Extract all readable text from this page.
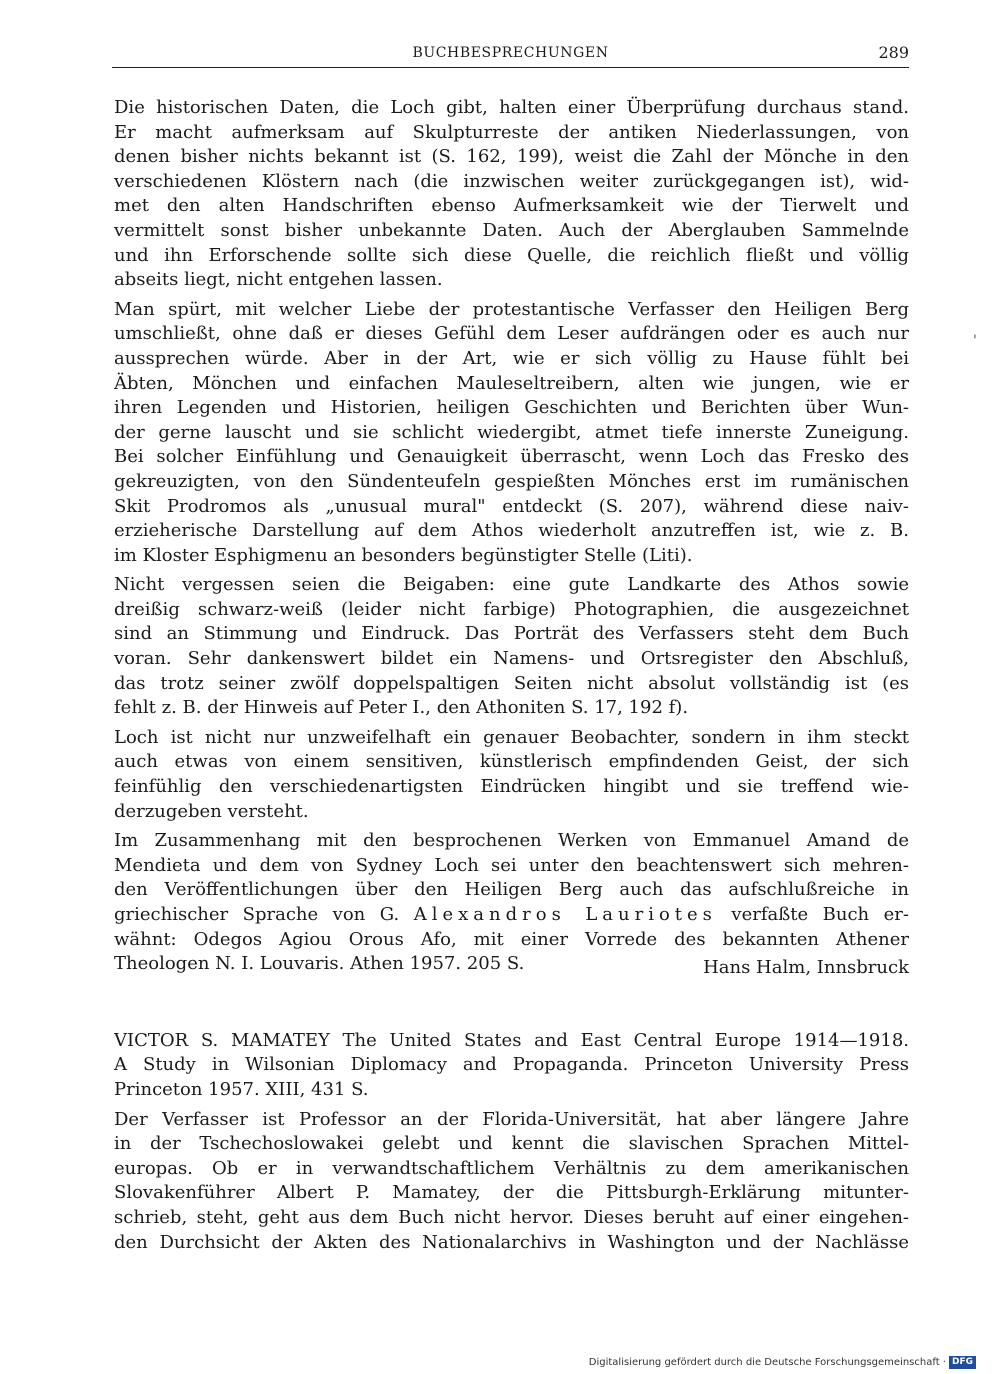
BUCHBESPRECHUNGEN	289
Die historischen Daten, die Loch gibt, halten einer Überprüfung durchaus stand.
Er macht aufmerksam auf Skulpturreste der antiken Niederlassungen, von
denen bisher nichts bekannt ist (S. 162, 199), weist die Zahl der Mönche in den
verschiedenen Klöstern nach (die inzwischen weiter zurückgegangen ist), wid-
met den alten Handschriften ebenso Aufmerksamkeit wie der Tierwelt und
vermittelt sonst bisher unbekannte Daten. Auch der Aberglauben Sammelnde
und ihn Erforschende sollte sich diese Quelle, die reichlich fließt und völlig
abseits liegt, nicht entgehen lassen.
Man spürt, mit welcher Liebe der protestantische Verfasser den Heiligen Berg
umschließt, ohne daß er dieses Gefühl dem Leser aufdrängen oder es auch nur
aussprechen würde. Aber in der Art, wie er sich völlig zu Hause fühlt bei
Äbten, Mönchen und einfachen Mauleseltreibern, alten wie jungen, wie er
ihren Legenden und Historien, heiligen Geschichten und Berichten über Wun-
der gerne lauscht und sie schlicht wiedergibt, atmet tiefe innerste Zuneigung.
Bei solcher Einfühlung und Genauigkeit überrascht, wenn Loch das Fresko des
gekreuzigten, von den Sündenteufeln gespießten Mönches erst im rumänischen
Skit Prodromos als „unusual mural" entdeckt (S. 207), während diese naiv-
erzieherische Darstellung auf dem Athos wiederholt anzutreffen ist, wie z. B.
im Kloster Esphigmenu an besonders begünstigter Stelle (Liti).
Nicht vergessen seien die Beigaben: eine gute Landkarte des Athos sowie
dreißig schwarz-weiß (leider nicht farbige) Photographien, die ausgezeichnet
sind an Stimmung und Eindruck. Das Porträt des Verfassers steht dem Buch
voran. Sehr dankenswert bildet ein Namens- und Ortsregister den Abschluß,
das trotz seiner zwölf doppelspaltigen Seiten nicht absolut vollständig ist (es
fehlt z. B. der Hinweis auf Peter I., den Athoniten S. 17, 192 f).
Loch ist nicht nur unzweifelhaft ein genauer Beobachter, sondern in ihm steckt
auch etwas von einem sensitiven, künstlerisch empfindenden Geist, der sich
feinfühlig den verschiedenartigsten Eindrücken hingibt und sie treffend wie-
derzugeben versteht.
Im Zusammenhang mit den besprochenen Werken von Emmanuel Amand de
Mendieta und dem von Sydney Loch sei unter den beachtenswert sich mehren-
den Veröffentlichungen über den Heiligen Berg auch das aufschlußreiche in
griechischer Sprache von G. Alexandros Lauriotes verfaßte Buch er-
wähnt: Odegos Agiou Orous Afo, mit einer Vorrede des bekannten Athener
Theologen N. I. Louvaris. Athen 1957. 205 S.	Hans Halm, Innsbruck
VICTOR S. MAMATEY The United States and East Central Europe 1914—1918.
A Study in Wilsonian Diplomacy and Propaganda. Princeton University Press
Princeton 1957. XIII, 431 S.
Der Verfasser ist Professor an der Florida-Universität, hat aber längere Jahre
in der Tschechoslowakei gelebt und kennt die slavischen Sprachen Mittel-
europas. Ob er in verwandtschaftlichem Verhältnis zu dem amerikanischen
Slovakenführer Albert P. Mamatey, der die Pittsburgh-Erklärung mitunter-
schrieb, steht, geht aus dem Buch nicht hervor. Dieses beruht auf einer eingehen-
den Durchsicht der Akten des Nationalarchivs in Washington und der Nachlässe
'
Digitalisierung gefördert durch die Deutsche Forschungsgemeinschaft · DFG
